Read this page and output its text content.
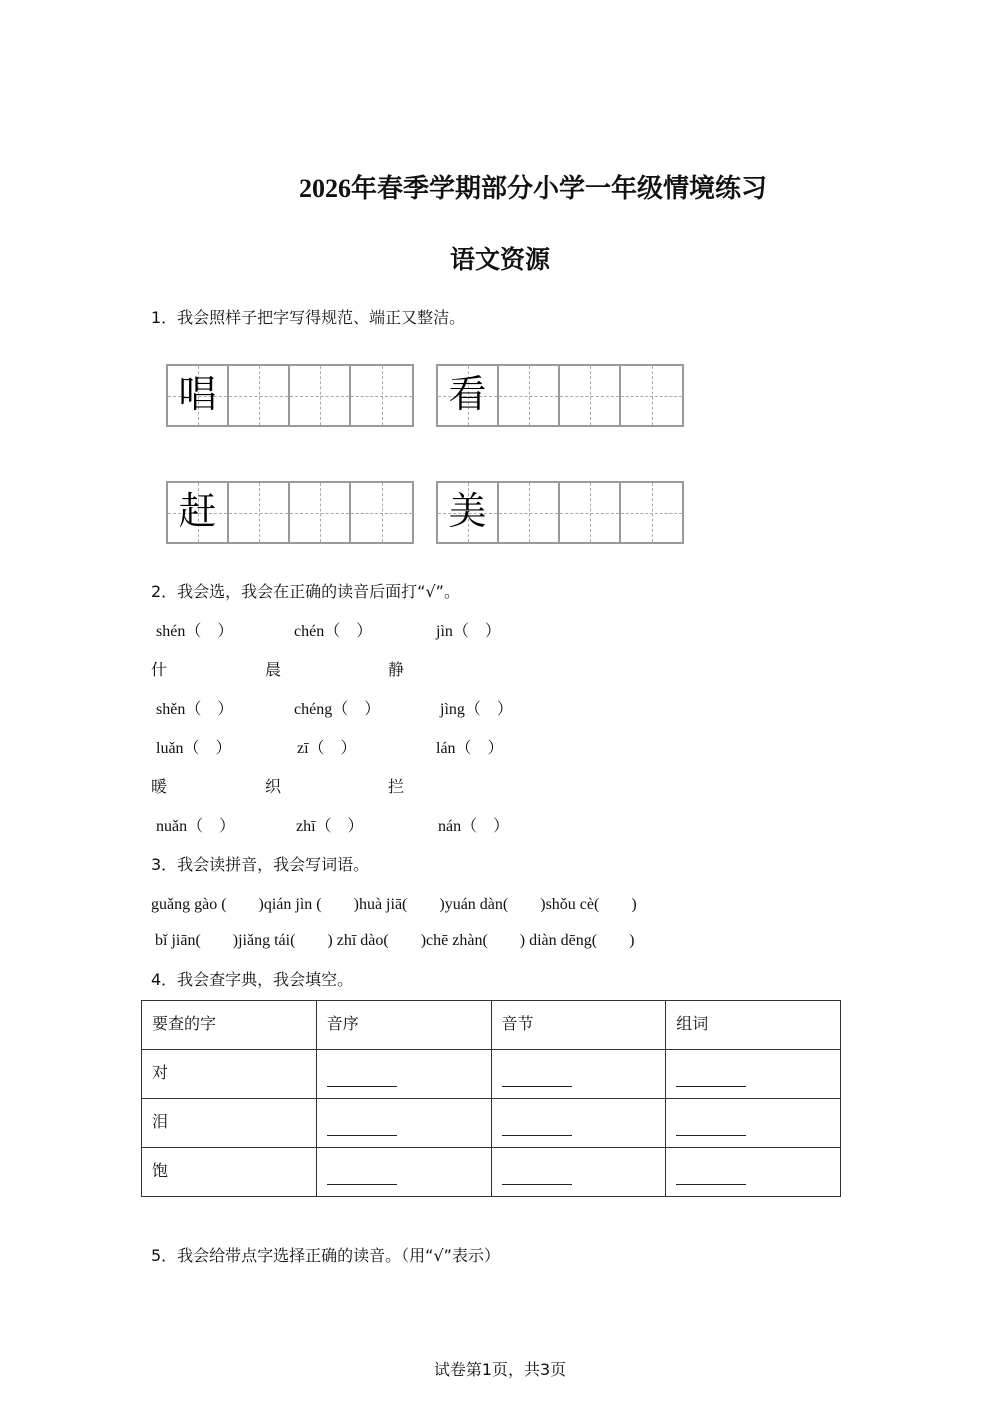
2026年春季学期部分小学一年级情境练习
语文资源
1．我会照样子把字写得规范、端正又整洁。
唱	看
赶	美
2．我会选，我会在正确的读音后面打“√”。
shén（　）	chén（　）	jìn（　）
什	晨	静
shěn（　）	chéng（　）	jìng（　）
luǎn（　）	zī（　）	lán（　）
暖	织	拦
nuǎn（　）	zhī（　）	nán（　）
3．我会读拼音，我会写词语。
guǎng gào (　　)qián jìn (　　)huà jiā(　　)yuán dàn(　　)shǒu cè(　　)
bǐ jiān(　　)jiǎng tái(　　) zhī dào(　　)chē zhàn(　　) diàn dēng(　　)
4．我会查字典，我会填空。
要查的字	音序	音节	组词
对			
泪			
饱			
5．我会给带点字选择正确的读音。（用“√”表示）
试卷第1页，共3页
